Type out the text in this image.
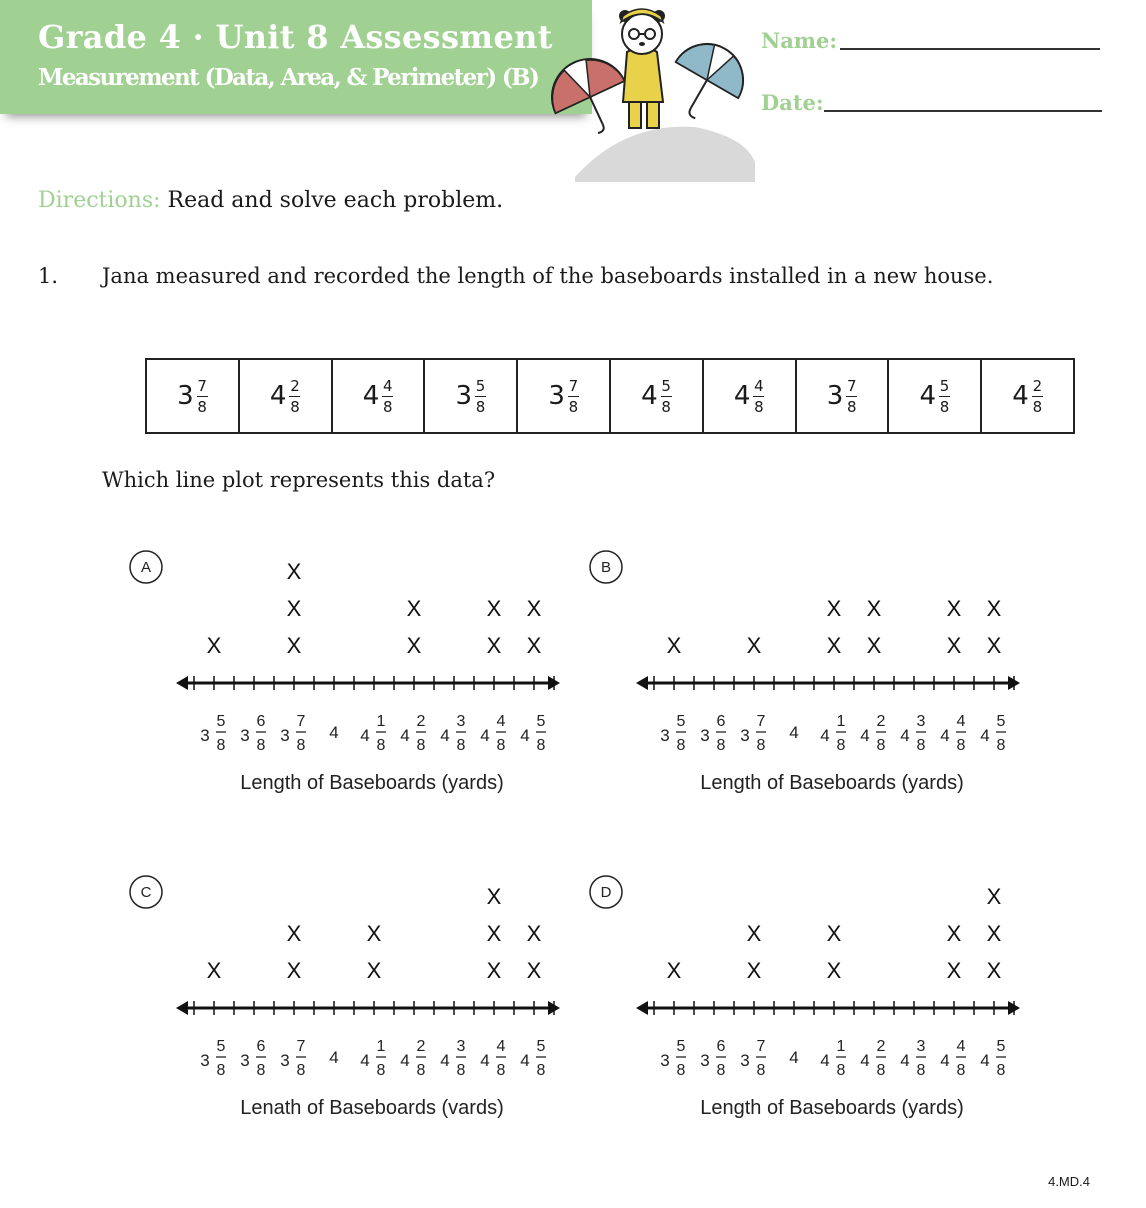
Grade 4 · Unit 8 Assessment
Measurement (Data, Area, & Perimeter) (B)
Name:
Date:
Directions: Read and solve each problem.
1. Jana measured and recorded the length of the baseboards installed in a new house.
$3 \frac{7}{8} 4 \frac{2}{8} 4 \frac{4}{8} 3 \frac{5}{8} 3 \frac{7}{8} 4 \frac{5}{8} 4 \frac{4}{8} 3 \frac{7}{8} 4 \frac{5}{8} 4 \frac{2}{8}$
Which line plot represents this data?
A
3
5
8
X
3
6
8
3
7
8
X
X
X
4 4
1
8
4
2
8
X
X
4
3
8
4
4
8
X
X
4
5
8
X
X
Length of Baseboards (yards)
B
3
5
8
X
3
6
8
3
7
8
X
4 4
1
8
X
X
4
2
8
X
X
4
3
8
4
4
8
X
X
4
5
8
X
X
Length of Baseboards (yards)
C
3
5
8
X
3
6
8
3
7
8
X
X
4 4
1
8
X
X
4
2
8
4
3
8
4
4
8
X
X
X
4
5
8
X
X
Lenath of Baseboards (vards)
D
3
5
8
X
3
6
8
3
7
8
X
X
4 4
1
8
X
X
4
2
8
4
3
8
4
4
8
X
X
4
5
8
X
X
X
Length of Baseboards (yards)
4.MD.4
